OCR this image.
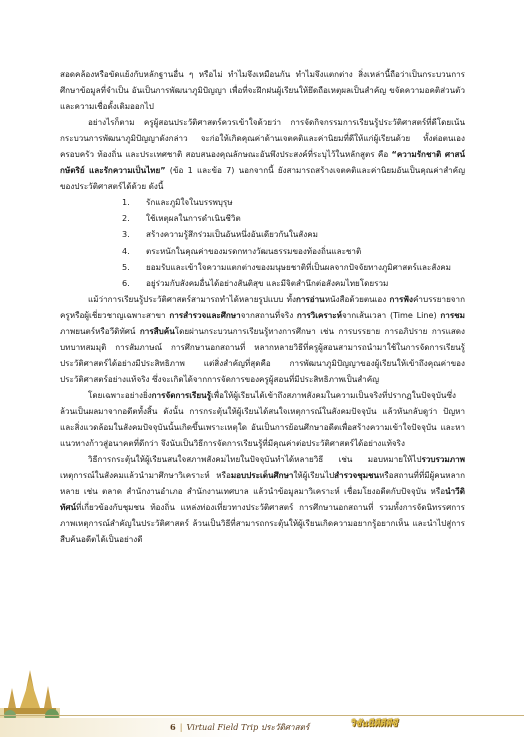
สอดคล้องหรือขัดแย้งกับหลักฐานอื่น ๆ หรือไม่ ทำไมจึงเหมือนกัน ทำไมจึงแตกต่าง สิ่งเหล่านี้ถือว่าเป็นกระบวนการศึกษาข้อมูลที่จำเป็น อันเป็นการพัฒนาภูมิปัญญา เพื่อที่จะฝึกฝนผู้เรียนให้ยึดถือเหตุผลเป็นสำคัญ ขจัดความอคติส่วนตัวและความเชื่อดั้งเดิมออกไป

อย่างไรก็ตาม ครูผู้สอนประวัติศาสตร์ควรเข้าใจด้วยว่า การจัดกิจกรรมการเรียนรู้ประวัติศาสตร์ที่ดีโดยเน้นกระบวนการพัฒนาภูมิปัญญาดังกล่าว จะก่อให้เกิดคุณค่าด้านเจตคติและค่านิยมที่ดีให้แก่ผู้เรียนด้วย ทั้งต่อตนเอง ครอบครัว ท้องถิ่น และประเทศชาติ สอบสนองคุณลักษณะอันพึงประสงค์ที่ระบุไว้ในหลักสูตร คือ “ความรักชาติ ศาสน์ กษัตริย์ และรักความเป็นไทย” (ข้อ 1 และข้อ 7) นอกจากนี้ ยังสามารถสร้างเจตคติและค่านิยมอันเป็นคุณค่าสำคัญของประวัติศาสตร์ได้ด้วย ดังนี้

1. รักและภูมิใจในบรรพบุรุษ
2. ใช้เหตุผลในการดำเนินชีวิต
3. สร้างความรู้สึกร่วมเป็นอันหนึ่งอันเดียวกันในสังคม
4. ตระหนักในคุณค่าของมรดกทางวัฒนธรรมของท้องถิ่นและชาติ
5. ยอมรับและเข้าใจความแตกต่างของมนุษยชาติที่เป็นผลจากปัจจัยทางภูมิศาสตร์และสังคม
6. อยู่ร่วมกับสังคมอื่นได้อย่างสันติสุข และมีจิตสำนึกต่อสังคมไทยโดยรวม

แม้ว่าการเรียนรู้ประวัติศาสตร์สามารถทำได้หลายรูปแบบ ทั้งการอ่านหนังสือด้วยตนเอง การฟังคำบรรยายจากครูหรือผู้เชี่ยวชาญเฉพาะสาขา การสำรวจและศึกษาจากสถานที่จริง การวิเคราะห์จากเส้นเวลา (Time Line) การชมภาพยนตร์หรือวีดิทัศน์ การสืบค้นโดยผ่านกระบวนการเรียนรู้ทางการศึกษา เช่น การบรรยาย การอภิปราย การแสดงบทบาทสมมุติ การสัมภาษณ์ การศึกษานอกสถานที่ หลากหลายวิธีที่ครูผู้สอนสามารถนำมาใช้ในการจัดการเรียนรู้ประวัติศาสตร์ได้อย่างมีประสิทธิภาพ แต่สิ่งสำคัญที่สุดคือ การพัฒนาภูมิปัญญาของผู้เรียนให้เข้าถึงคุณค่าของประวัติศาสตร์อย่างแท้จริง ซึ่งจะเกิดได้จากการจัดการของครูผู้สอนที่มีประสิทธิภาพเป็นสำคัญ

โดยเฉพาะอย่างยิ่งการจัดการเรียนรู้เพื่อให้ผู้เรียนได้เข้าถึงสภาพสังคมในความเป็นจริงที่ปรากฏในปัจจุบันซึ่งล้วนเป็นผลมาจากอดีตทั้งสิ้น ดังนั้น การกระตุ้นให้ผู้เรียนได้สนใจเหตุการณ์ในสังคมปัจจุบัน แล้วหันกลับดูว่า ปัญหาและสิ่งแวดล้อมในสังคมปัจจุบันนั้นเกิดขึ้นเพราะเหตุใด อันเป็นการย้อนศึกษาอดีตเพื่อสร้างความเข้าใจปัจจุบัน และหาแนวทางก้าวสู่อนาคตที่ดีกว่า จึงนับเป็นวิธีการจัดการเรียนรู้ที่มีคุณค่าต่อประวัติศาสตร์ได้อย่างแท้จริง

วิธีการกระตุ้นให้ผู้เรียนสนใจสภาพสังคมไทยในปัจจุบันทำได้หลายวิธี เช่น มอบหมายให้ไปรวบรวมภาพเหตุการณ์ในสังคมแล้วนำมาศึกษาวิเคราะห์ หรือมอบประเด็นศึกษาให้ผู้เรียนไปสำรวจชุมชนหรือสถานที่ที่มีผู้คนหลากหลาย เช่น ตลาด สำนักงานอำเภอ สำนักงานเทศบาล แล้วนำข้อมูลมาวิเคราะห์ เชื่อมโยงอดีตกับปัจจุบัน หรือนำวีดิทัศน์ที่เกี่ยวข้องกับชุมชน ท้องถิ่น แหล่งท่องเที่ยวทางประวัติศาสตร์ การศึกษานอกสถานที่ รวมทั้งการจัดนิทรรศการภาพเหตุการณ์สำคัญในประวัติศาสตร์ ล้วนเป็นวิธีที่สามารถกระตุ้นให้ผู้เรียนเกิดความอยากรู้อยากเห็น และนำไปสู่การสืบค้นอดีตได้เป็นอย่างดี

6 | Virtual Field Trip ประวัติศาสตร์	วิชันนีทีดีพีซี
